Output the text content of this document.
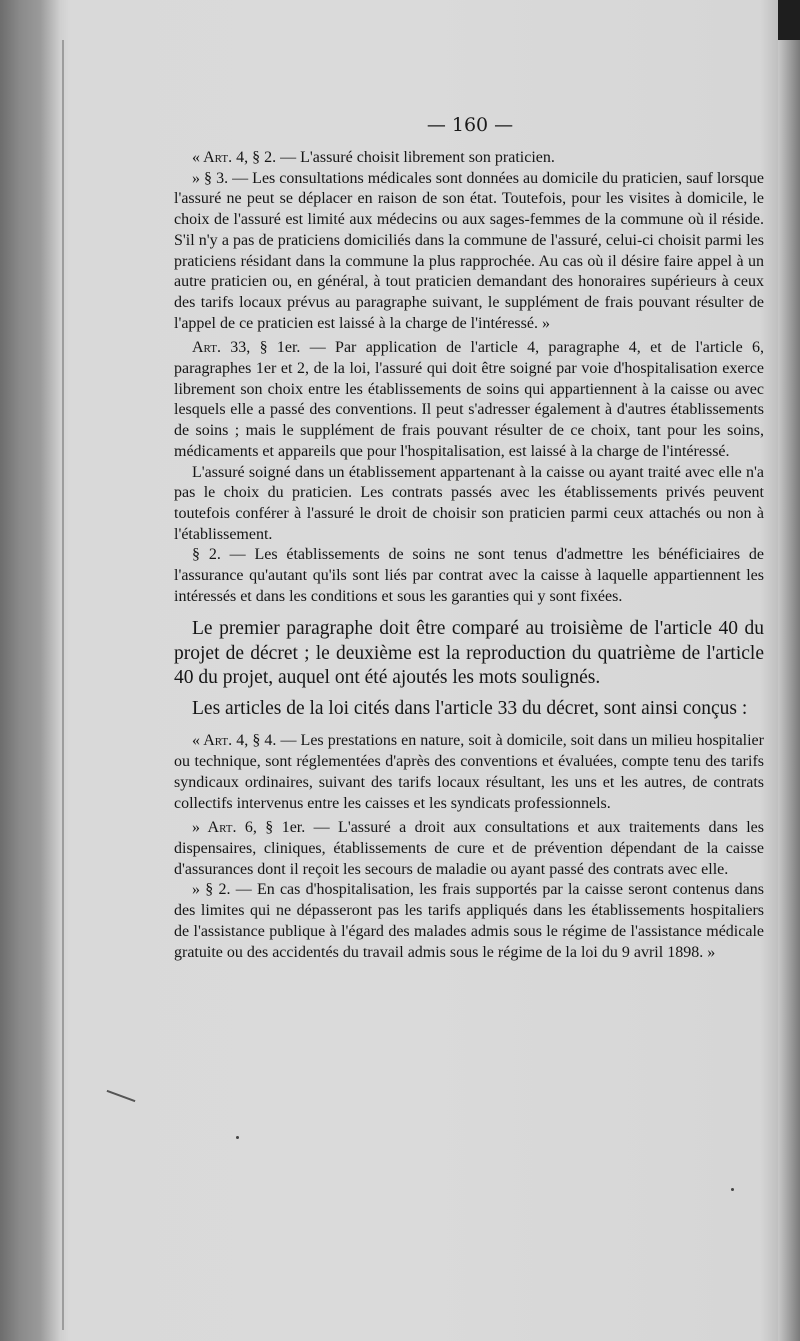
— 160 —

« Art. 4, § 2. — L'assuré choisit librement son praticien.

» § 3. — Les consultations médicales sont données au domicile du praticien, sauf lorsque l'assuré ne peut se déplacer en raison de son état. Toutefois, pour les visites à domicile, le choix de l'assuré est limité aux médecins ou aux sages-femmes de la commune où il réside. S'il n'y a pas de praticiens domiciliés dans la commune de l'assuré, celui-ci choisit parmi les praticiens résidant dans la commune la plus rapprochée. Au cas où il désire faire appel à un autre praticien ou, en général, à tout praticien demandant des honoraires supérieurs à ceux des tarifs locaux prévus au paragraphe suivant, le supplément de frais pouvant résulter de l'appel de ce praticien est laissé à la charge de l'intéressé. »

Art. 33, § 1er. — Par application de l'article 4, paragraphe 4, et de l'article 6, paragraphes 1er et 2, de la loi, l'assuré qui doit être soigné par voie d'hospitalisation exerce librement son choix entre les établissements de soins qui appartiennent à la caisse ou avec lesquels elle a passé des conventions. Il peut s'adresser également à d'autres établissements de soins ; mais le supplément de frais pouvant résulter de ce choix, tant pour les soins, médicaments et appareils que pour l'hospitalisation, est laissé à la charge de l'intéressé.

L'assuré soigné dans un établissement appartenant à la caisse ou ayant traité avec elle n'a pas le choix du praticien. Les contrats passés avec les établissements privés peuvent toutefois conférer à l'assuré le droit de choisir son praticien parmi ceux attachés ou non à l'établissement.

§ 2. — Les établissements de soins ne sont tenus d'admettre les bénéficiaires de l'assurance qu'autant qu'ils sont liés par contrat avec la caisse à laquelle appartiennent les intéressés et dans les conditions et sous les garanties qui y sont fixées.

Le premier paragraphe doit être comparé au troisième de l'article 40 du projet de décret ; le deuxième est la reproduction du quatrième de l'article 40 du projet, auquel ont été ajoutés les mots soulignés.

Les articles de la loi cités dans l'article 33 du décret, sont ainsi conçus :

« Art. 4, § 4. — Les prestations en nature, soit à domicile, soit dans un milieu hospitalier ou technique, sont réglementées d'après des conventions et évaluées, compte tenu des tarifs syndicaux ordinaires, suivant des tarifs locaux résultant, les uns et les autres, de contrats collectifs intervenus entre les caisses et les syndicats professionnels.

» Art. 6, § 1er. — L'assuré a droit aux consultations et aux traitements dans les dispensaires, cliniques, établissements de cure et de prévention dépendant de la caisse d'assurances dont il reçoit les secours de maladie ou ayant passé des contrats avec elle.

» § 2. — En cas d'hospitalisation, les frais supportés par la caisse seront contenus dans des limites qui ne dépasseront pas les tarifs appliqués dans les établissements hospitaliers de l'assistance publique à l'égard des malades admis sous le régime de l'assistance médicale gratuite ou des accidentés du travail admis sous le régime de la loi du 9 avril 1898. »
